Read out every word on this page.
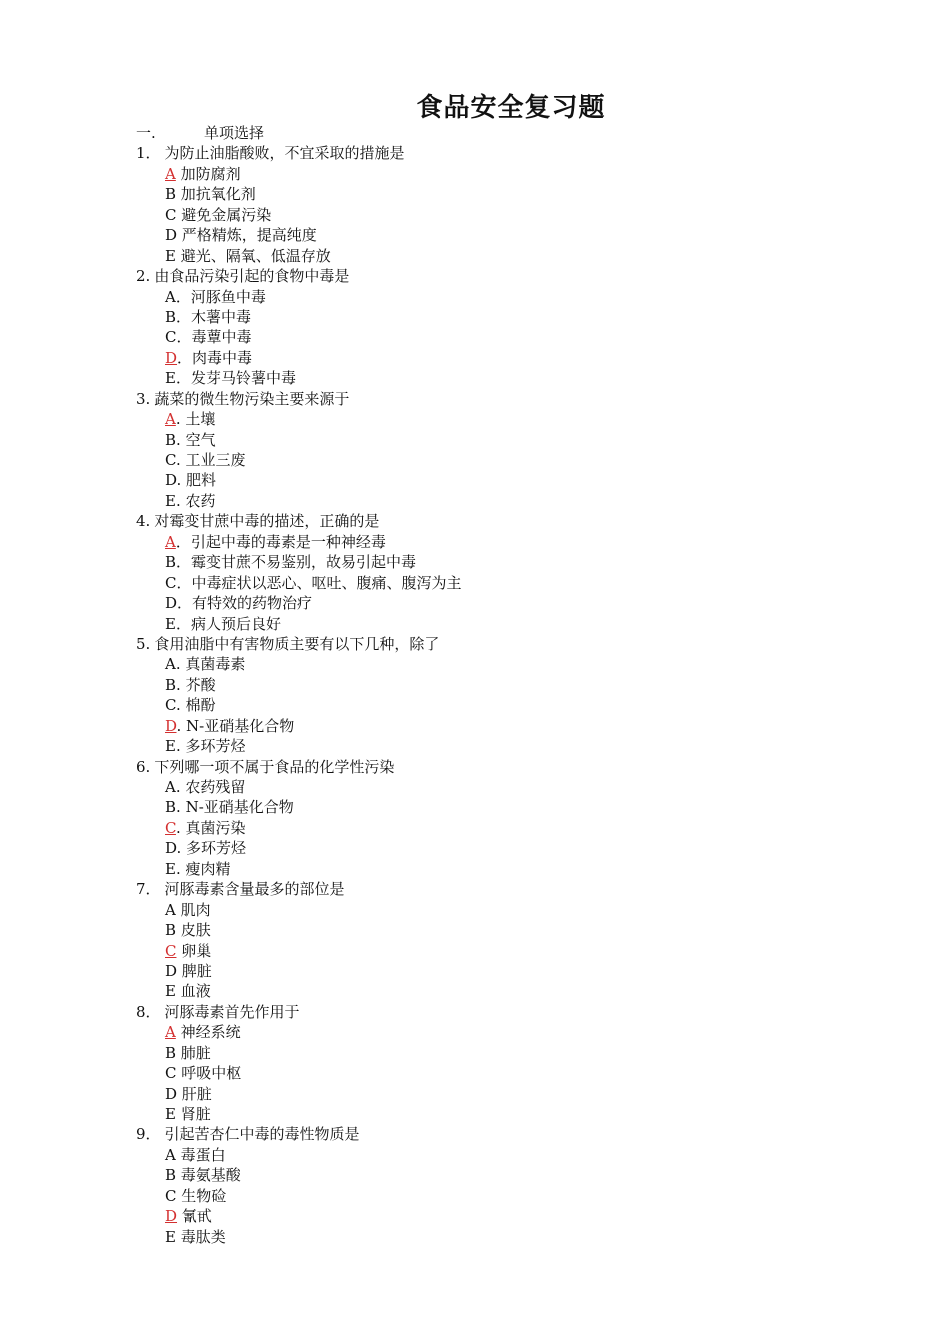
食品安全复习题
一.	单项选择
1． 为防止油脂酸败，不宜采取的措施是
A 加防腐剂
B 加抗氧化剂
C 避免金属污染
D 严格精炼，提高纯度
E 避光、隔氧、低温存放
2. 由食品污染引起的食物中毒是
A．河豚鱼中毒
B．木薯中毒
C．毒蕈中毒
D．肉毒中毒
E．发芽马铃薯中毒
3. 蔬菜的微生物污染主要来源于
A. 土壤
B. 空气
C. 工业三废
D. 肥料
E. 农药
4. 对霉变甘蔗中毒的描述，正确的是
A．引起中毒的毒素是一种神经毒
B．霉变甘蔗不易鉴别，故易引起中毒
C．中毒症状以恶心、呕吐、腹痛、腹泻为主
D．有特效的药物治疗
E．病人预后良好
5. 食用油脂中有害物质主要有以下几种，除了
A. 真菌毒素
B. 芥酸
C. 棉酚
D. N-亚硝基化合物
E. 多环芳烃
6. 下列哪一项不属于食品的化学性污染
A. 农药残留
B. N-亚硝基化合物
C. 真菌污染
D. 多环芳烃
E. 瘦肉精
7． 河豚毒素含量最多的部位是
A 肌肉
B 皮肤
C 卵巢
D 脾脏
E 血液
8． 河豚毒素首先作用于
A 神经系统
B 肺脏
C 呼吸中枢
D 肝脏
E 肾脏
9． 引起苦杏仁中毒的毒性物质是
A 毒蛋白
B 毒氨基酸
C 生物硷
D 氰甙
E 毒肽类
